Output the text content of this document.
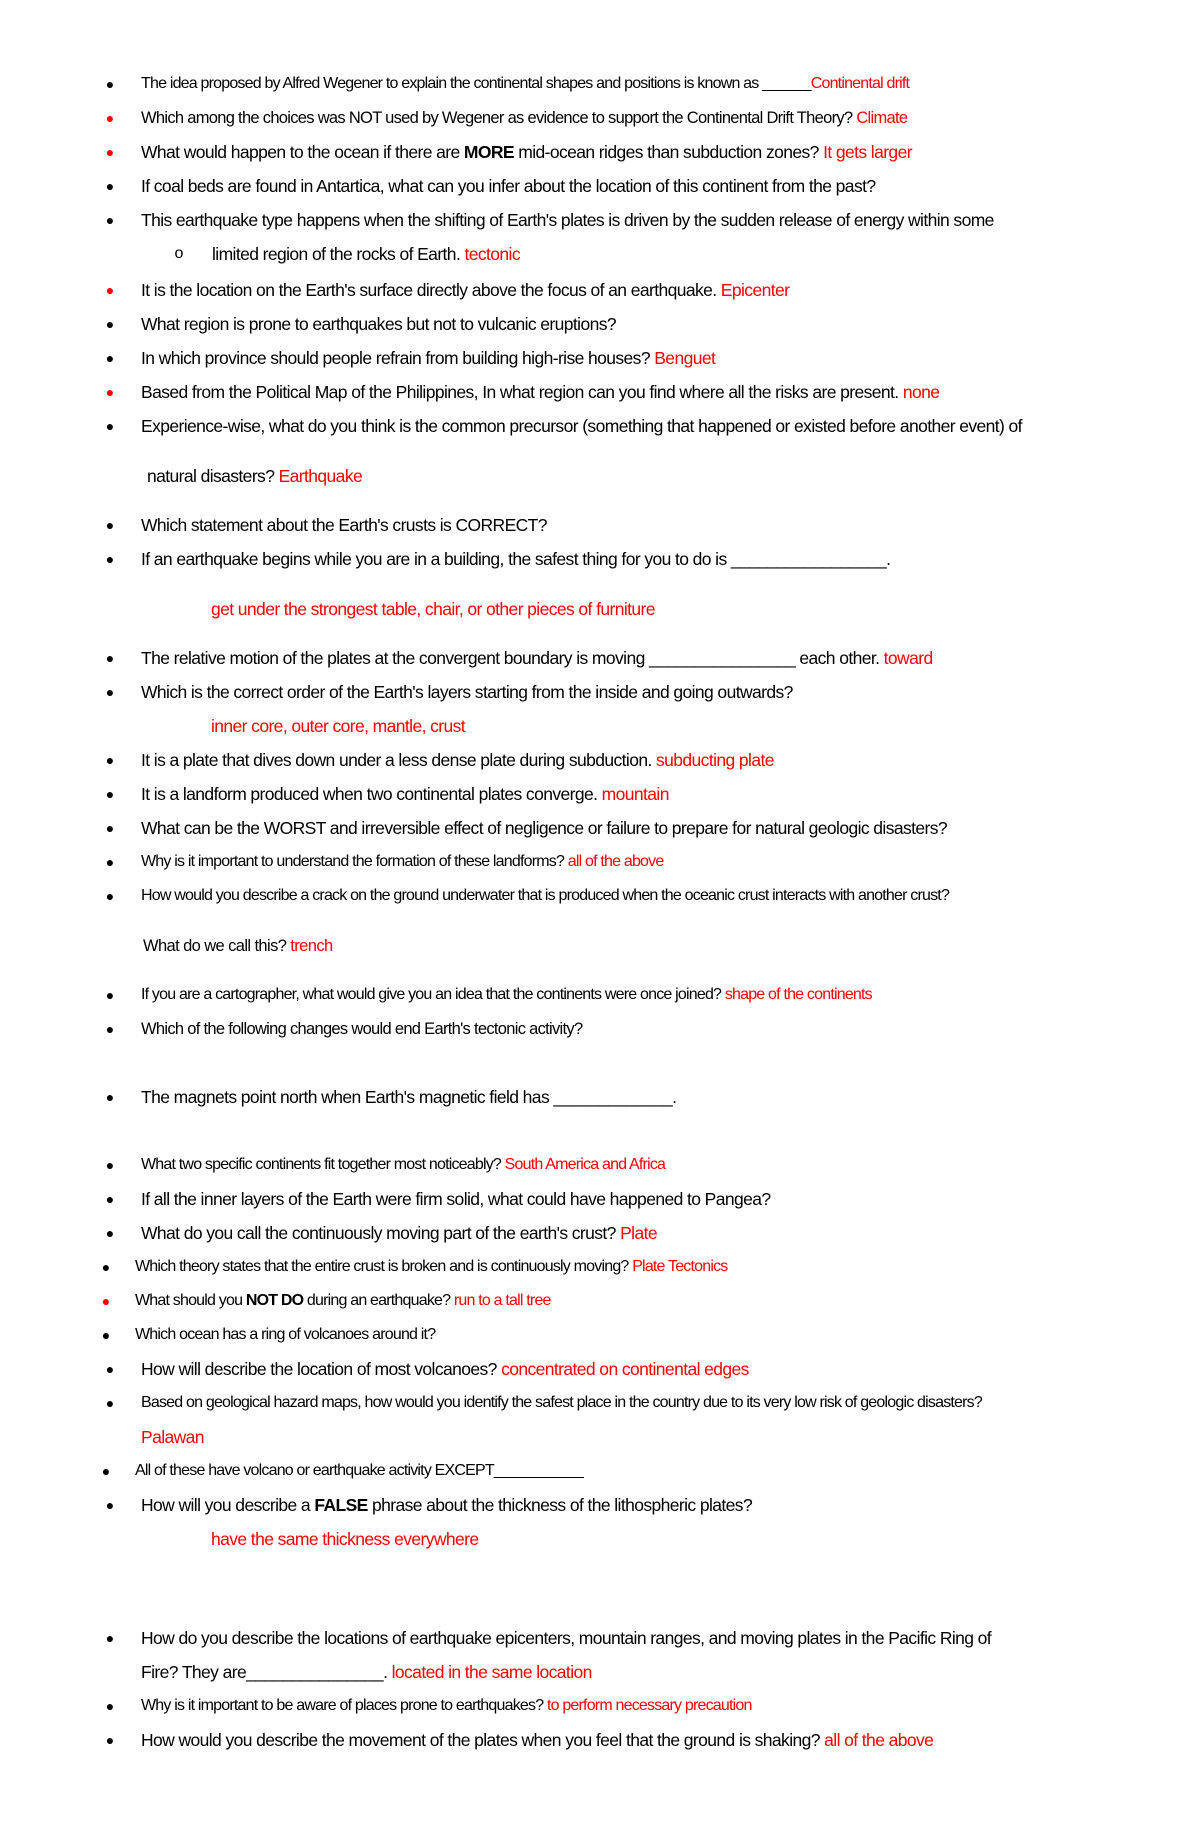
● The idea proposed by Alfred Wegener to explain the continental shapes and positions is known as ______Continental drift
● Which among the choices was NOT used by Wegener as evidence to support the Continental Drift Theory? Climate
● What would happen to the ocean if there are MORE mid-ocean ridges than subduction zones? It gets larger
● If coal beds are found in Antartica, what can you infer about the location of this continent from the past?
● This earthquake type happens when the shifting of Earth's plates is driven by the sudden release of energy within some
o limited region of the rocks of Earth. tectonic
● It is the location on the Earth's surface directly above the focus of an earthquake. Epicenter
● What region is prone to earthquakes but not to vulcanic eruptions?
● In which province should people refrain from building high-rise houses? Benguet
● Based from the Political Map of the Philippines, In what region can you find where all the risks are present. none
● Experience-wise, what do you think is the common precursor (something that happened or existed before another event) of
natural disasters? Earthquake
● Which statement about the Earth's crusts is CORRECT?
● If an earthquake begins while you are in a building, the safest thing for you to do is _________________.
get under the strongest table, chair, or other pieces of furniture
● The relative motion of the plates at the convergent boundary is moving ________________ each other. toward
● Which is the correct order of the Earth's layers starting from the inside and going outwards?
inner core, outer core, mantle, crust
● It is a plate that dives down under a less dense plate during subduction. subducting plate
● It is a landform produced when two continental plates converge. mountain
● What can be the WORST and irreversible effect of negligence or failure to prepare for natural geologic disasters?
● Why is it important to understand the formation of these landforms? all of the above
● How would you describe a crack on the ground underwater that is produced when the oceanic crust interacts with another crust?
What do we call this? trench
● If you are a cartographer, what would give you an idea that the continents were once joined? shape of the continents
● Which of the following changes would end Earth's tectonic activity?
● The magnets point north when Earth's magnetic field has _____________.
● What two specific continents fit together most noticeably? South America and Africa
● If all the inner layers of the Earth were firm solid, what could have happened to Pangea?
● What do you call the continuously moving part of the earth's crust? Plate
● Which theory states that the entire crust is broken and is continuously moving? Plate Tectonics
● What should you NOT DO during an earthquake? run to a tall tree
● Which ocean has a ring of volcanoes around it?
● How will describe the location of most volcanoes? concentrated on continental edges
● Based on geological hazard maps, how would you identify the safest place in the country due to its very low risk of geologic disasters?
Palawan
● All of these have volcano or earthquake activity EXCEPT___________
● How will you describe a FALSE phrase about the thickness of the lithospheric plates?
have the same thickness everywhere
● How do you describe the locations of earthquake epicenters, mountain ranges, and moving plates in the Pacific Ring of
Fire? They are_______________. located in the same location
● Why is it important to be aware of places prone to earthquakes? to perform necessary precaution
● How would you describe the movement of the plates when you feel that the ground is shaking? all of the above
